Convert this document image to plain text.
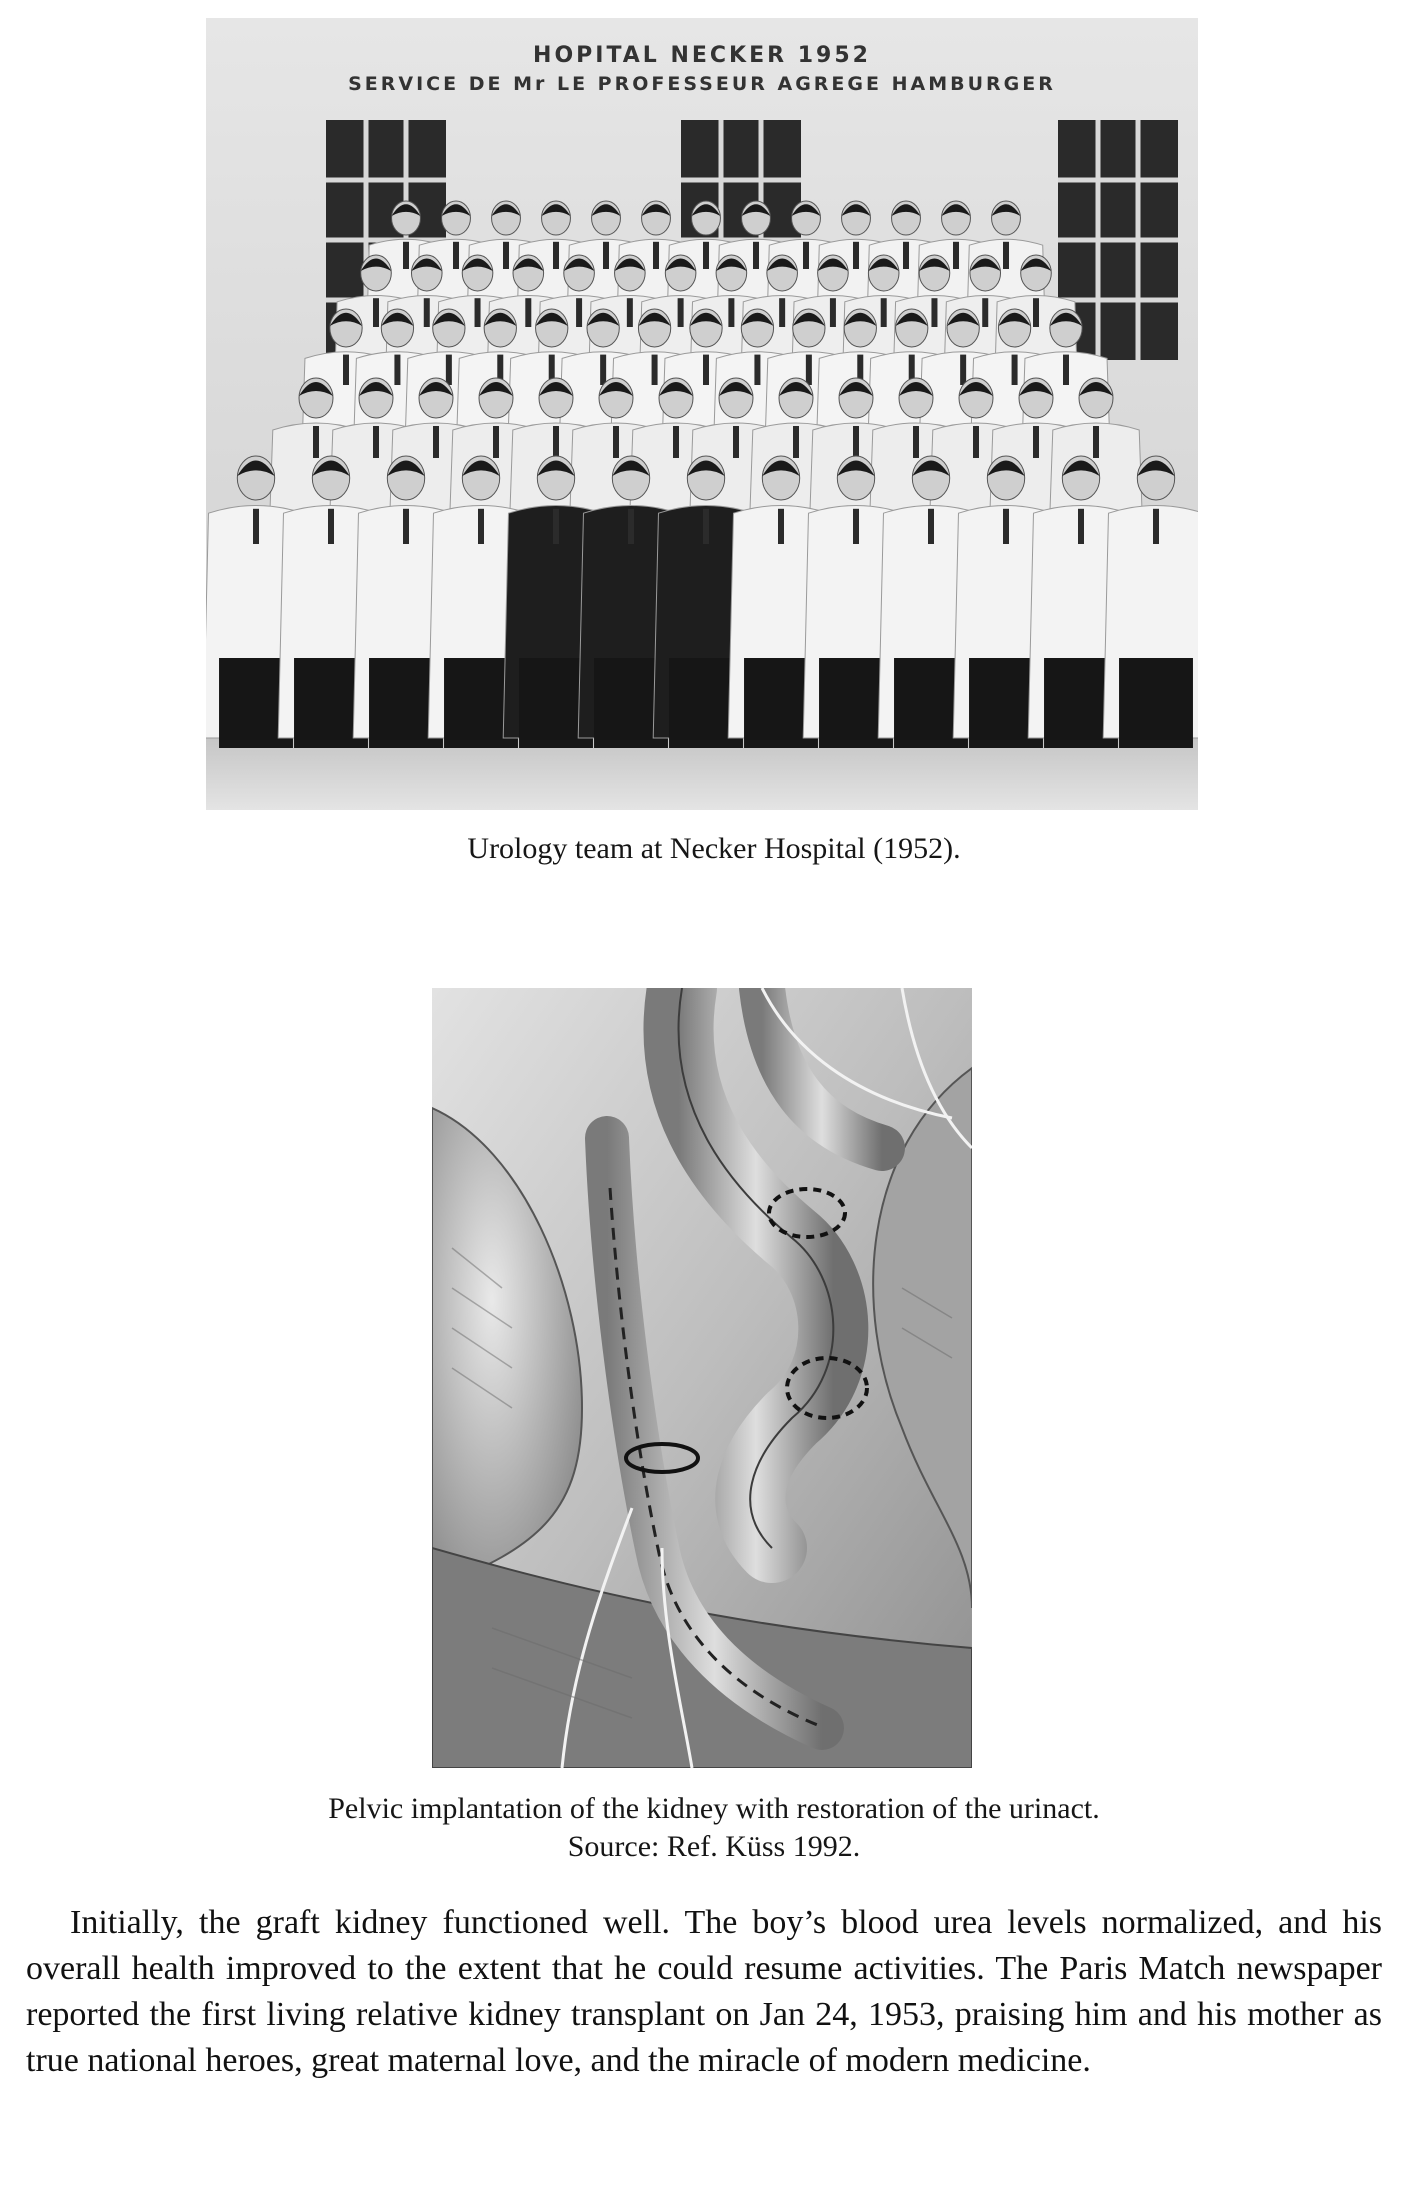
HOPITAL NECKER 1952
SERVICE DE Mr LE PROFESSEUR AGREGE HAMBURGER
Urology team at Necker Hospital (1952).
Pelvic implantation of the kidney with restoration of the urinact.
Source: Ref. Küss 1992.

Initially, the graft kidney functioned well. The boy’s blood urea levels normalized, and his overall health improved to the extent that he could resume activities. The Paris Match newspaper reported the first living relative kidney transplant on Jan 24, 1953, praising him and his mother as true national heroes, great maternal love, and the miracle of modern medicine.
